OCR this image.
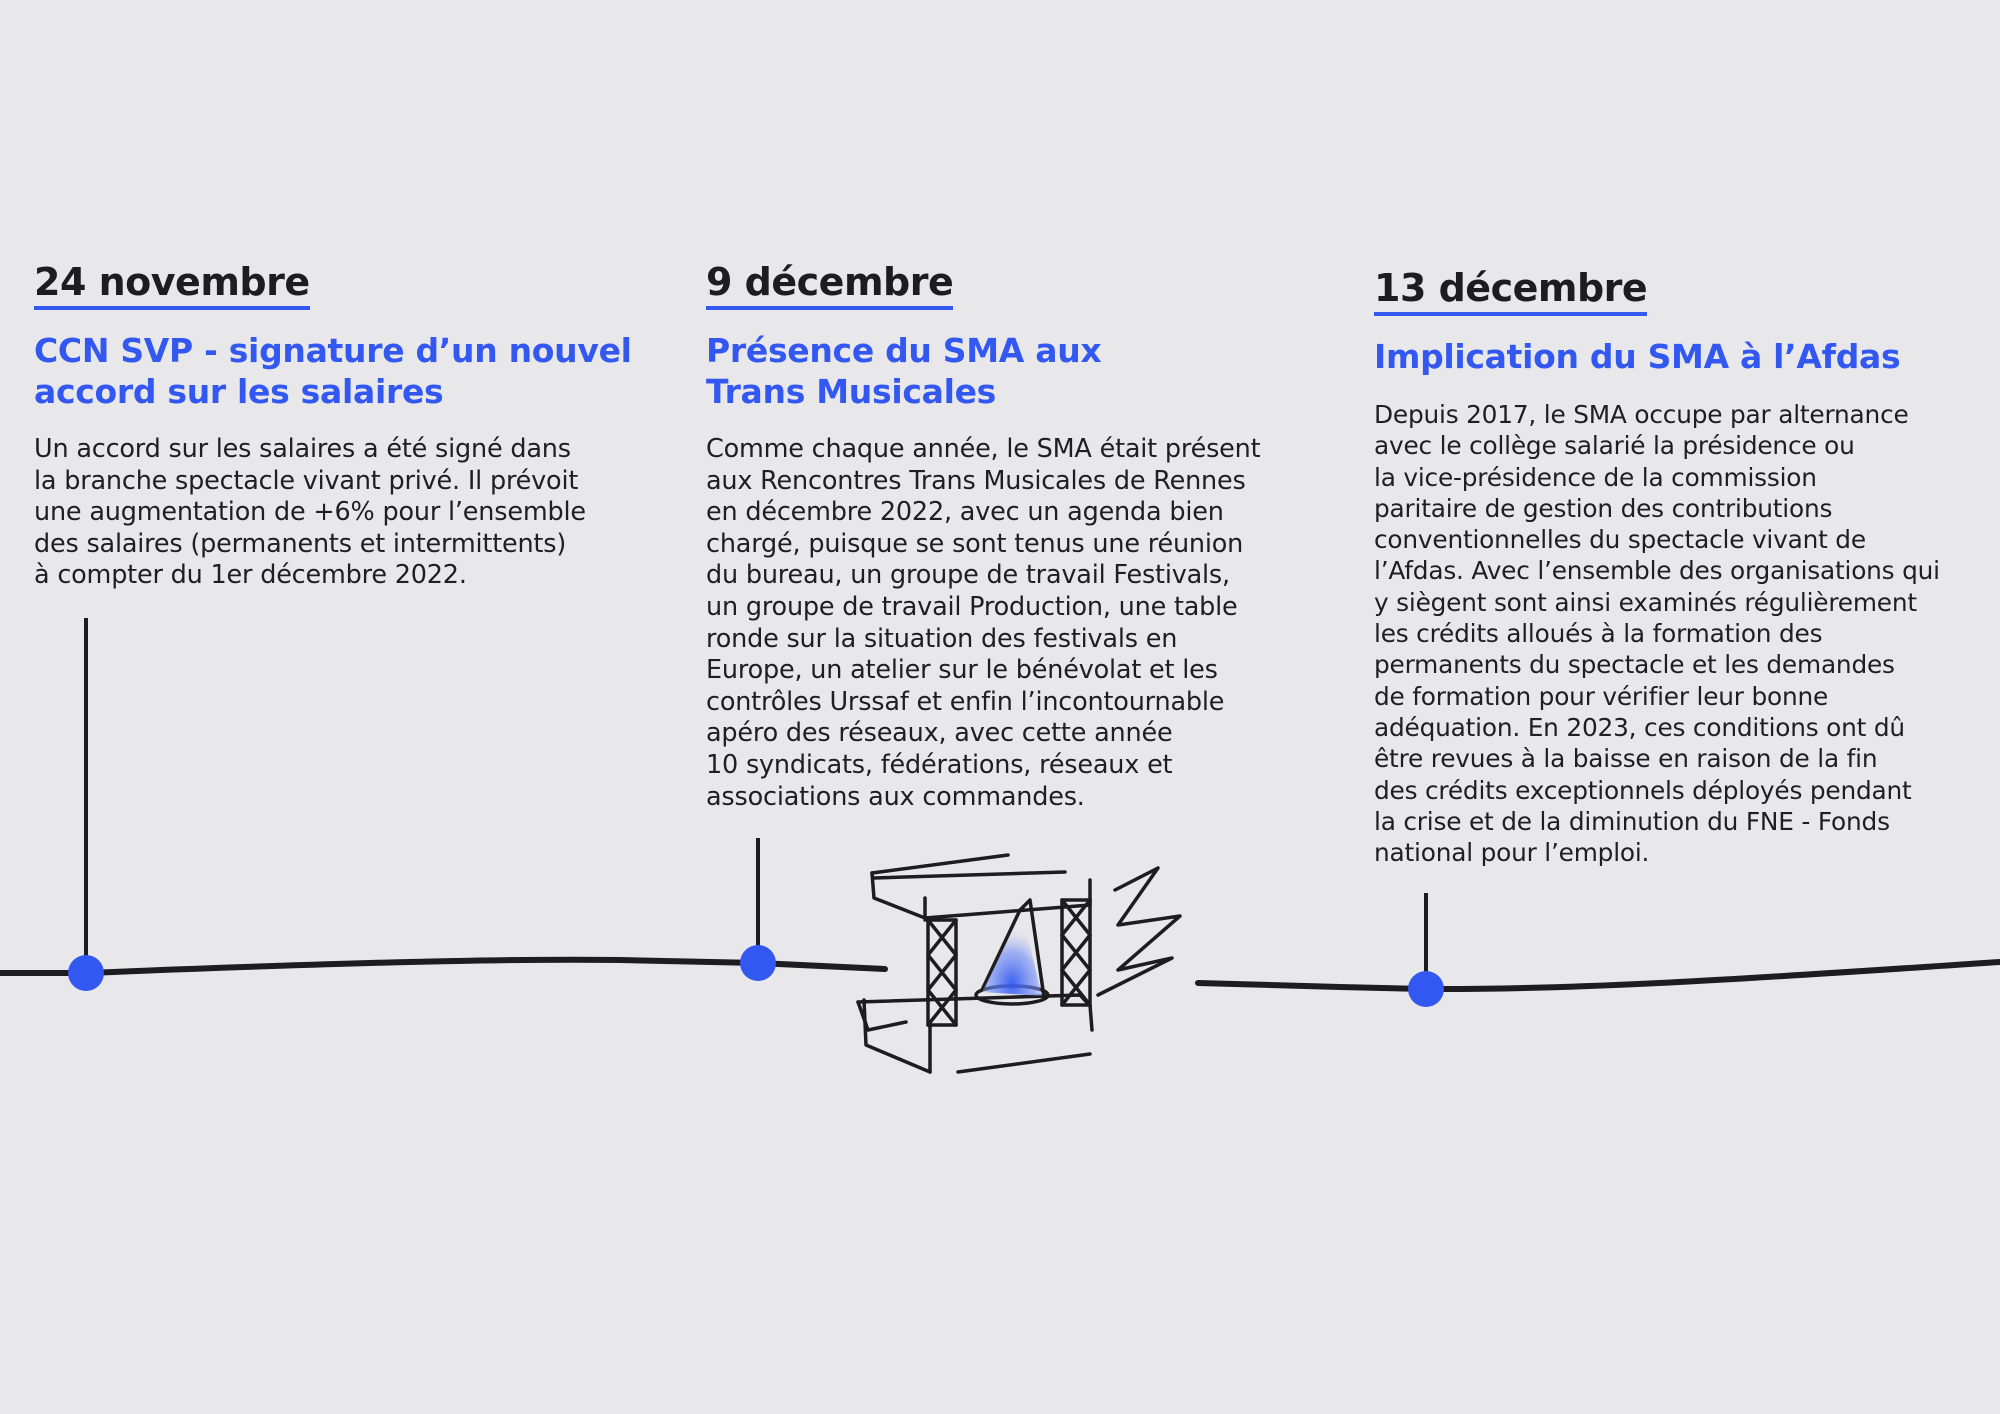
24 novembre
CCN SVP - signature d’un nouvel accord sur les salaires

Un accord sur les salaires a été signé dans
la branche spectacle vivant privé. Il prévoit
une augmentation de +6% pour l’ensemble
des salaires (permanents et intermittents)
à compter du 1er décembre 2022.

9 décembre
Présence du SMA aux Trans Musicales

Comme chaque année, le SMA était présent
aux Rencontres Trans Musicales de Rennes
en décembre 2022, avec un agenda bien
chargé, puisque se sont tenus une réunion
du bureau, un groupe de travail Festivals,
un groupe de travail Production, une table
ronde sur la situation des festivals en
Europe, un atelier sur le bénévolat et les
contrôles Urssaf et enfin l’incontournable
apéro des réseaux, avec cette année
10 syndicats, fédérations, réseaux et
associations aux commandes.

13 décembre
Implication du SMA à l’Afdas

Depuis 2017, le SMA occupe par alternance
avec le collège salarié la présidence ou
la vice-présidence de la commission
paritaire de gestion des contributions
conventionnelles du spectacle vivant de
l’Afdas. Avec l’ensemble des organisations qui
y siègent sont ainsi examinés régulièrement
les crédits alloués à la formation des
permanents du spectacle et les demandes
de formation pour vérifier leur bonne
adéquation. En 2023, ces conditions ont dû
être revues à la baisse en raison de la fin
des crédits exceptionnels déployés pendant
la crise et de la diminution du FNE - Fonds
national pour l’emploi.
